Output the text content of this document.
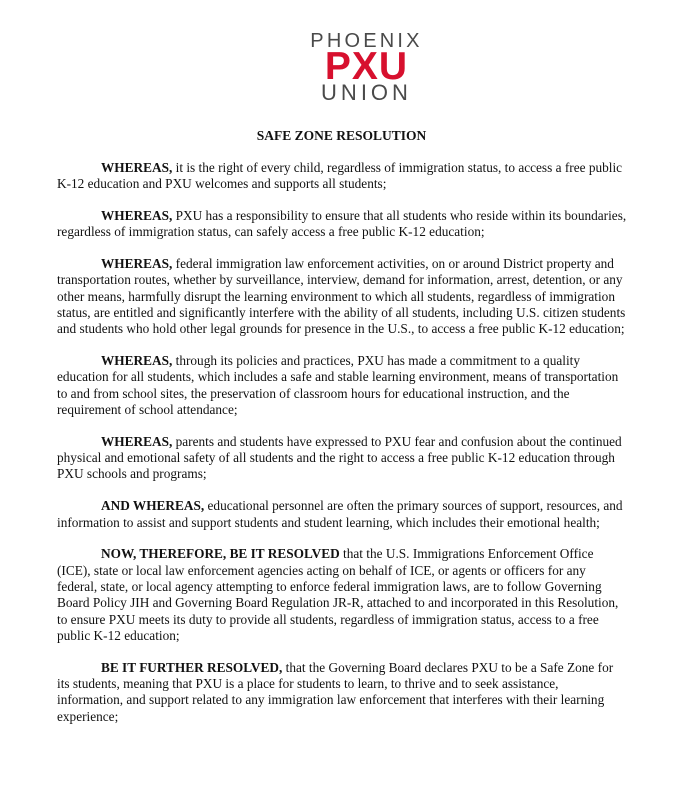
PHOENIX
PXU
UNION
SAFE ZONE RESOLUTION

WHEREAS, it is the right of every child, regardless of immigration status, to access a free public K-12 education and PXU welcomes and supports all students;

WHEREAS, PXU has a responsibility to ensure that all students who reside within its boundaries, regardless of immigration status, can safely access a free public K-12 education;

WHEREAS, federal immigration law enforcement activities, on or around District property and transportation routes, whether by surveillance, interview, demand for information, arrest, detention, or any other means, harmfully disrupt the learning environment to which all students, regardless of immigration status, are entitled and significantly interfere with the ability of all students, including U.S. citizen students and students who hold other legal grounds for presence in the U.S., to access a free public K-12 education;

WHEREAS, through its policies and practices, PXU has made a commitment to a quality education for all students, which includes a safe and stable learning environment, means of transportation to and from school sites, the preservation of classroom hours for educational instruction, and the requirement of school attendance;

WHEREAS, parents and students have expressed to PXU fear and confusion about the continued physical and emotional safety of all students and the right to access a free public K-12 education through PXU schools and programs;

AND WHEREAS, educational personnel are often the primary sources of support, resources, and information to assist and support students and student learning, which includes their emotional health;

NOW, THEREFORE, BE IT RESOLVED that the U.S. Immigrations Enforcement Office (ICE), state or local law enforcement agencies acting on behalf of ICE, or agents or officers for any federal, state, or local agency attempting to enforce federal immigration laws, are to follow Governing Board Policy JIH and Governing Board Regulation JR-R, attached to and incorporated in this Resolution, to ensure PXU meets its duty to provide all students, regardless of immigration status, access to a free public K-12 education;

BE IT FURTHER RESOLVED, that the Governing Board declares PXU to be a Safe Zone for its students, meaning that PXU is a place for students to learn, to thrive and to seek assistance, information, and support related to any immigration law enforcement that interferes with their learning experience;
